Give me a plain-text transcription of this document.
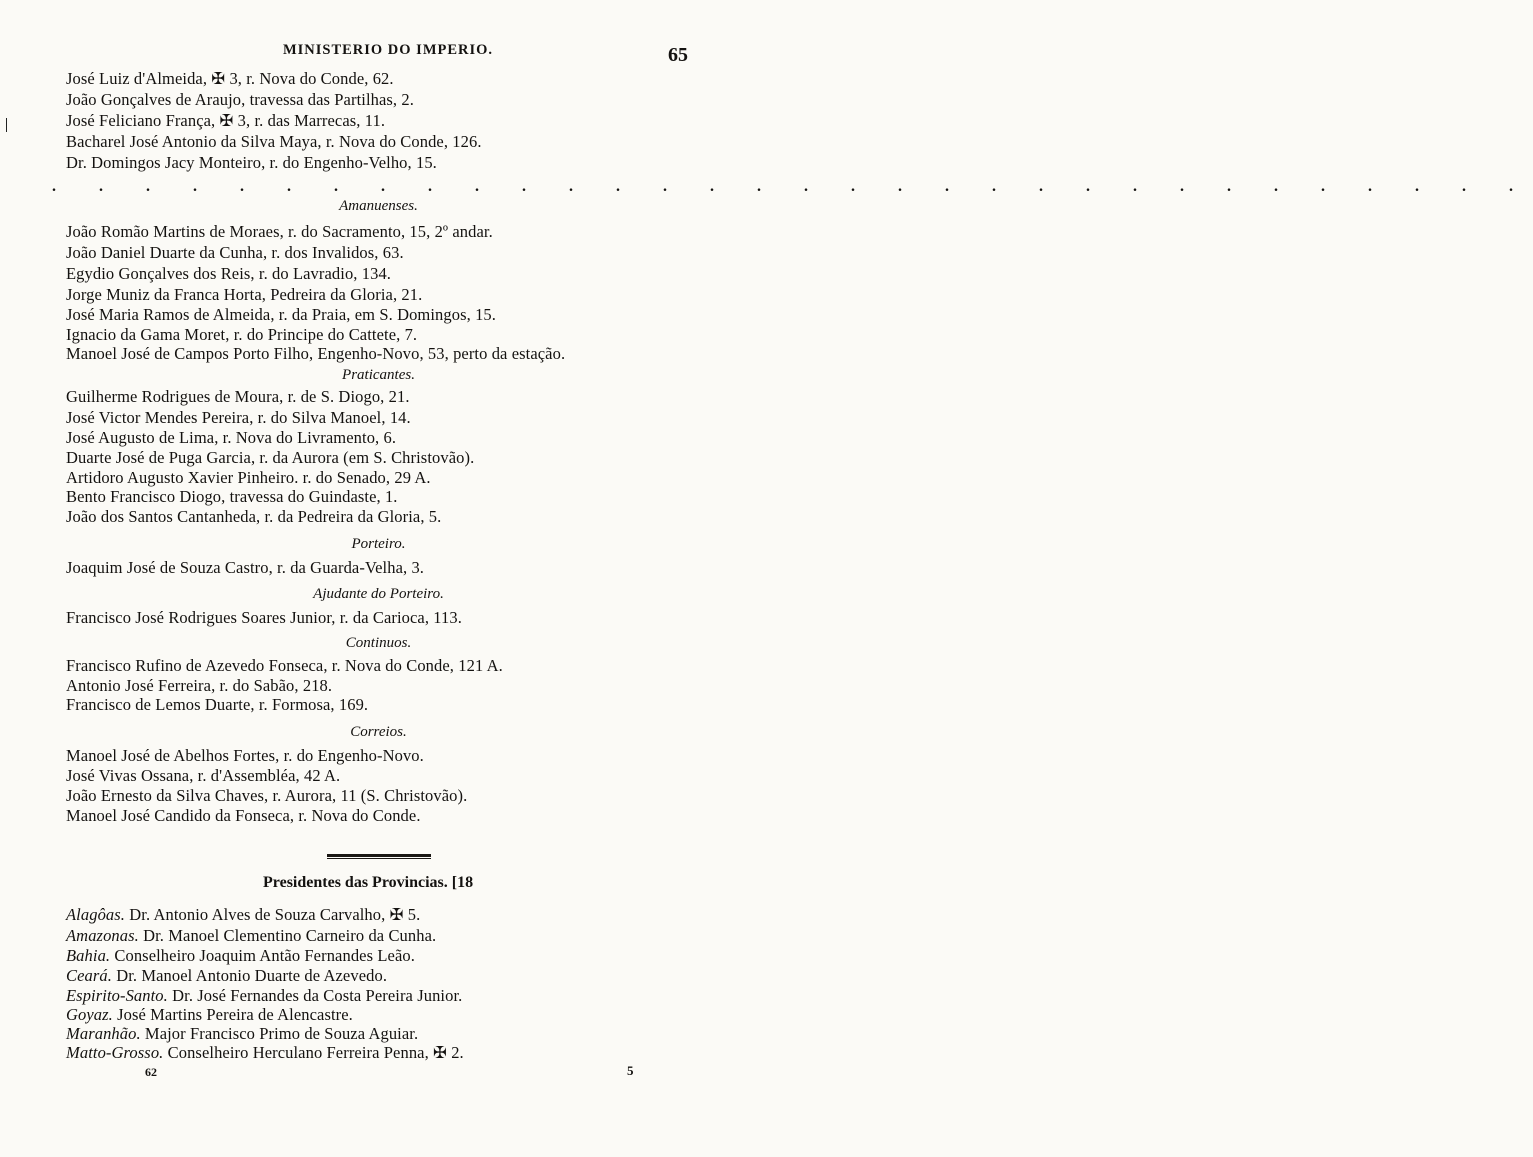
MINISTERIO DO IMPERIO.	65
José Luiz d'Almeida, ✠ 3, r. Nova do Conde, 62.
João Gonçalves de Araujo, travessa das Partilhas, 2.
José Feliciano França, ✠ 3, r. das Marrecas, 11.
Bacharel José Antonio da Silva Maya, r. Nova do Conde, 126.
Dr. Domingos Jacy Monteiro, r. do Engenho-Velho, 15.
. . . . . . . . . . . . . . . . . . . . . . . . . . . . . . . .
Amanuenses.
João Romão Martins de Moraes, r. do Sacramento, 15, 2º andar.
João Daniel Duarte da Cunha, r. dos Invalidos, 63.
Egydio Gonçalves dos Reis, r. do Lavradio, 134.
Jorge Muniz da Franca Horta, Pedreira da Gloria, 21.
José Maria Ramos de Almeida, r. da Praia, em S. Domingos, 15.
Ignacio da Gama Moret, r. do Principe do Cattete, 7.
Manoel José de Campos Porto Filho, Engenho-Novo, 53, perto da estação.
Praticantes.
Guilherme Rodrigues de Moura, r. de S. Diogo, 21.
José Victor Mendes Pereira, r. do Silva Manoel, 14.
José Augusto de Lima, r. Nova do Livramento, 6.
Duarte José de Puga Garcia, r. da Aurora (em S. Christovão).
Artidoro Augusto Xavier Pinheiro. r. do Senado, 29 A.
Bento Francisco Diogo, travessa do Guindaste, 1.
João dos Santos Cantanheda, r. da Pedreira da Gloria, 5.
Porteiro.
Joaquim José de Souza Castro, r. da Guarda-Velha, 3.
Ajudante do Porteiro.
Francisco José Rodrigues Soares Junior, r. da Carioca, 113.
Continuos.
Francisco Rufino de Azevedo Fonseca, r. Nova do Conde, 121 A.
Antonio José Ferreira, r. do Sabão, 218.
Francisco de Lemos Duarte, r. Formosa, 169.
Correios.
Manoel José de Abelhos Fortes, r. do Engenho-Novo.
José Vivas Ossana, r. d'Assembléa, 42 A.
João Ernesto da Silva Chaves, r. Aurora, 11 (S. Christovão).
Manoel José Candido da Fonseca, r. Nova do Conde.
Presidentes das Provincias. [18
Alagôas. Dr. Antonio Alves de Souza Carvalho, ✠ 5.
Amazonas. Dr. Manoel Clementino Carneiro da Cunha.
Bahia. Conselheiro Joaquim Antão Fernandes Leão.
Ceará. Dr. Manoel Antonio Duarte de Azevedo.
Espirito-Santo. Dr. José Fernandes da Costa Pereira Junior.
Goyaz. José Martins Pereira de Alencastre.
Maranhão. Major Francisco Primo de Souza Aguiar.
Matto-Grosso. Conselheiro Herculano Ferreira Penna, ✠ 2.
62	5
